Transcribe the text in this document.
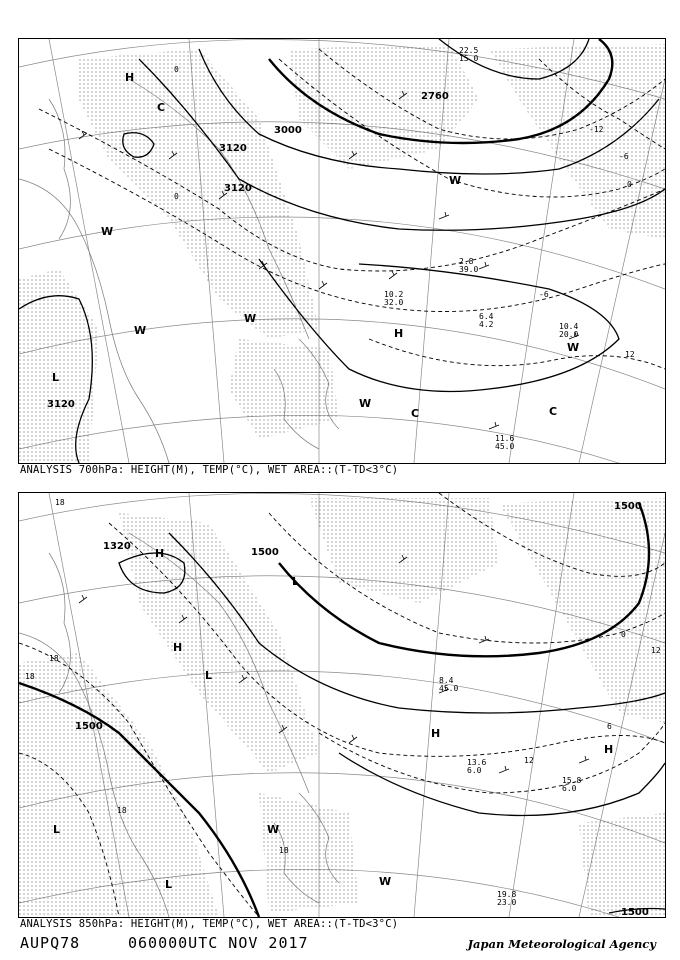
3000
3120
3120
2760
3120
0
-12
-6
0
12
-6
0
H
C
H
L
W
W
C	C
W
W
W
W
10.4
20.0
11.6
45.0
2.8
39.0
6.4
4.2
10.2
32.0
22.5
15.0
ANALYSIS 700hPa: HEIGHT(M), TEMP(°C), WET AREA::(T-TD<3°C)
1500
1500
1500
1500
1320
18
18
12
12
0
6
18
18
18
H
H
L
L
H
H
L
L
W
W
19.8
23.0
15.8
6.0
13.6
6.0
8.4
45.0
ANALYSIS 850hPa: HEIGHT(M), TEMP(°C), WET AREA::(T-TD<3°C)
AUPQ78	060000UTC NOV 2017	Japan Meteorological Agency
